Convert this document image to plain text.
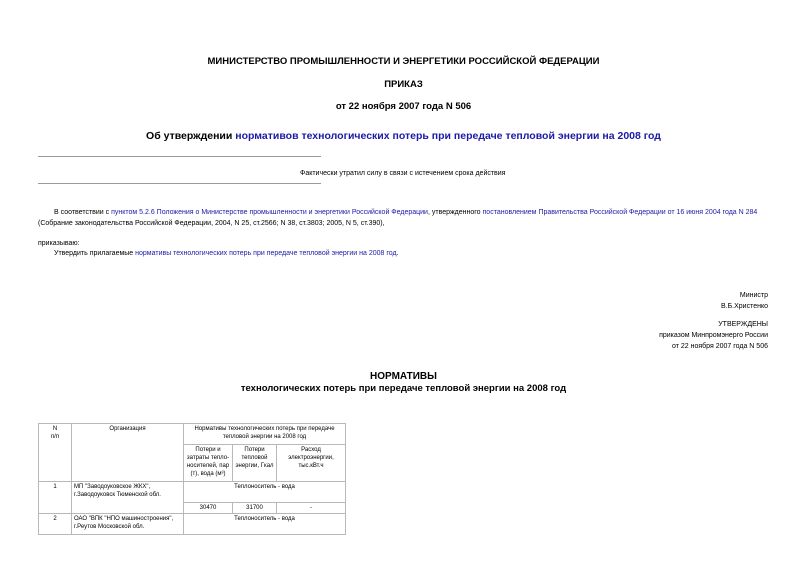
МИНИСТЕРСТВО ПРОМЫШЛЕННОСТИ И ЭНЕРГЕТИКИ РОССИЙСКОЙ ФЕДЕРАЦИИ
ПРИКАЗ
от 22 ноября 2007 года N 506
Об утверждении нормативов технологических потерь при передаче тепловой энергии на 2008 год
Фактически утратил силу в связи с истечением срока действия
В соответствии с пунктом 5.2.6 Положения о Министерстве промышленности и энергетики Российской Федерации, утвержденного постановлением Правительства Российской Федерации от 16 июня 2004 года N 284 (Собрание законодательства Российской Федерации, 2004, N 25, ст.2566; N 38, ст.3803; 2005, N 5, ст.390),
приказываю:
Утвердить прилагаемые нормативы технологических потерь при передаче тепловой энергии на 2008 год.
Министр
В.Б.Христенко
УТВЕРЖДЕНЫ
приказом Минпромэнерго России
от 22 ноября 2007 года N 506
НОРМАТИВЫ
технологических потерь при передаче тепловой энергии на 2008 год
N
п/п	Организация	Нормативы технологических потерь при передаче тепловой энергии на 2008 год		
		Потери и затраты тепло-носителей, пар (т), вода (м³)	Потери тепловой энергии, Гкал	Расход электроэнергии, тыс.кВт.ч
1	МП "Заводоуковское ЖКХ", г.Заводоуковск Тюменской обл.	Теплоноситель - вода		
		30470	31700	-
2	ОАО "ВПК "НПО машиностроения", г.Реутов Московской обл.	Теплоноситель - вода		
